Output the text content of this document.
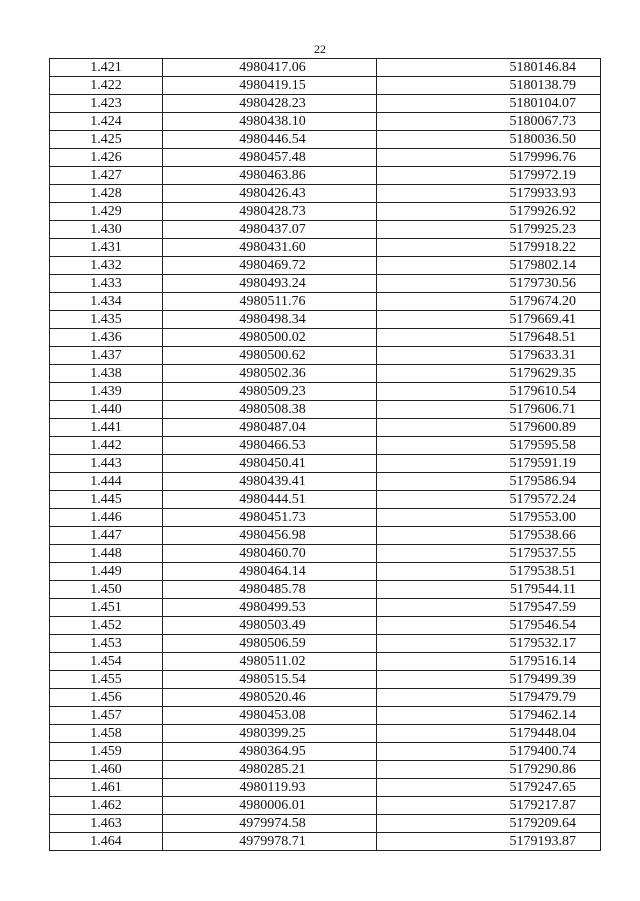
22
1.421	4980417.06	5180146.84
1.422	4980419.15	5180138.79
1.423	4980428.23	5180104.07
1.424	4980438.10	5180067.73
1.425	4980446.54	5180036.50
1.426	4980457.48	5179996.76
1.427	4980463.86	5179972.19
1.428	4980426.43	5179933.93
1.429	4980428.73	5179926.92
1.430	4980437.07	5179925.23
1.431	4980431.60	5179918.22
1.432	4980469.72	5179802.14
1.433	4980493.24	5179730.56
1.434	4980511.76	5179674.20
1.435	4980498.34	5179669.41
1.436	4980500.02	5179648.51
1.437	4980500.62	5179633.31
1.438	4980502.36	5179629.35
1.439	4980509.23	5179610.54
1.440	4980508.38	5179606.71
1.441	4980487.04	5179600.89
1.442	4980466.53	5179595.58
1.443	4980450.41	5179591.19
1.444	4980439.41	5179586.94
1.445	4980444.51	5179572.24
1.446	4980451.73	5179553.00
1.447	4980456.98	5179538.66
1.448	4980460.70	5179537.55
1.449	4980464.14	5179538.51
1.450	4980485.78	5179544.11
1.451	4980499.53	5179547.59
1.452	4980503.49	5179546.54
1.453	4980506.59	5179532.17
1.454	4980511.02	5179516.14
1.455	4980515.54	5179499.39
1.456	4980520.46	5179479.79
1.457	4980453.08	5179462.14
1.458	4980399.25	5179448.04
1.459	4980364.95	5179400.74
1.460	4980285.21	5179290.86
1.461	4980119.93	5179247.65
1.462	4980006.01	5179217.87
1.463	4979974.58	5179209.64
1.464	4979978.71	5179193.87
